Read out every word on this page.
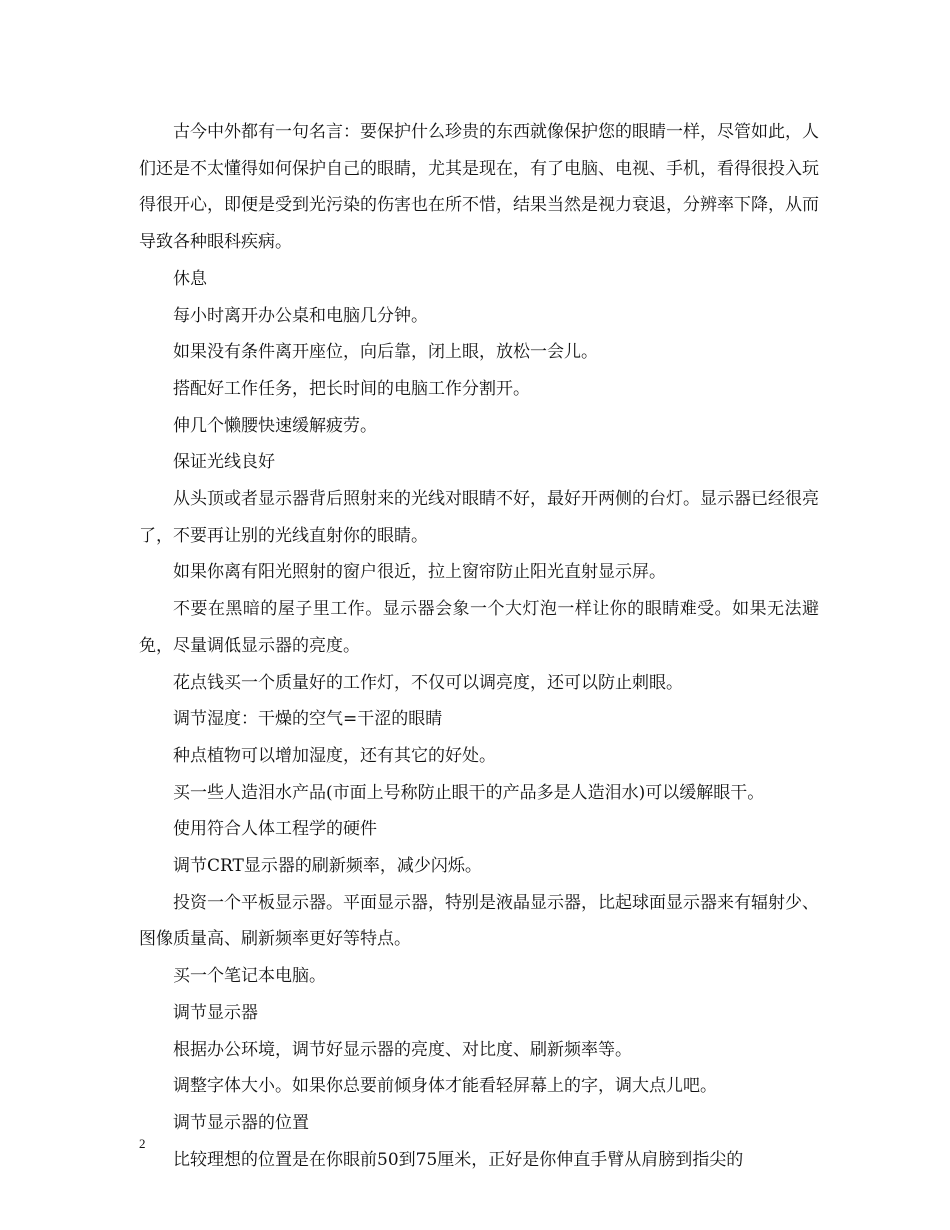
古今中外都有一句名言：要保护什么珍贵的东西就像保护您的眼睛一样，尽管如此，人们还是不太懂得如何保护自己的眼睛，尤其是现在，有了电脑、电视、手机，看得很投入玩得很开心，即便是受到光污染的伤害也在所不惜，结果当然是视力衰退，分辨率下降，从而导致各种眼科疾病。

休息

每小时离开办公桌和电脑几分钟。

如果没有条件离开座位，向后靠，闭上眼，放松一会儿。

搭配好工作任务，把长时间的电脑工作分割开。

伸几个懒腰快速缓解疲劳。

保证光线良好

从头顶或者显示器背后照射来的光线对眼睛不好，最好开两侧的台灯。显示器已经很亮了，不要再让别的光线直射你的眼睛。

如果你离有阳光照射的窗户很近，拉上窗帘防止阳光直射显示屏。

不要在黑暗的屋子里工作。显示器会象一个大灯泡一样让你的眼睛难受。如果无法避免，尽量调低显示器的亮度。

花点钱买一个质量好的工作灯，不仅可以调亮度，还可以防止刺眼。

调节湿度：干燥的空气=干涩的眼睛

种点植物可以增加湿度，还有其它的好处。

买一些人造泪水产品(市面上号称防止眼干的产品多是人造泪水)可以缓解眼干。

使用符合人体工程学的硬件

调节CRT显示器的刷新频率，减少闪烁。

投资一个平板显示器。平面显示器，特别是液晶显示器，比起球面显示器来有辐射少、图像质量高、刷新频率更好等特点。

买一个笔记本电脑。

调节显示器

根据办公环境，调节好显示器的亮度、对比度、刷新频率等。

调整字体大小。如果你总要前倾身体才能看轻屏幕上的字，调大点儿吧。

调节显示器的位置

比较理想的位置是在你眼前50到75厘米，正好是你伸直手臂从肩膀到指尖的

2
